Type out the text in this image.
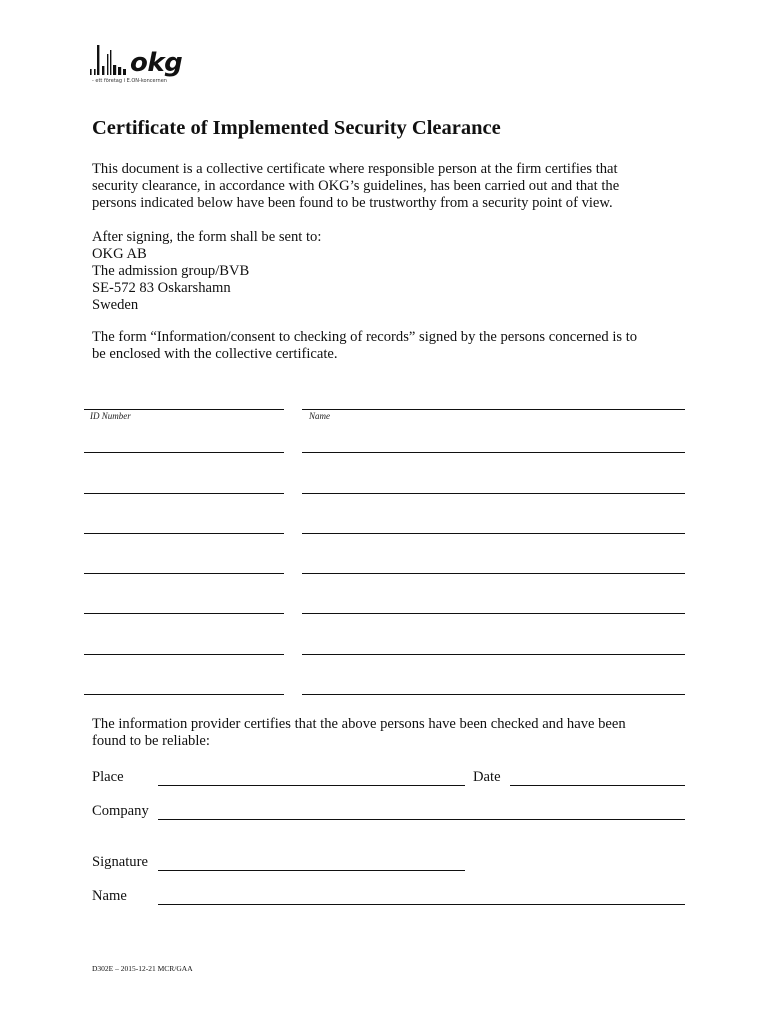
okg
- ett företag i E.ON-koncernen
Certificate of Implemented Security Clearance
This document is a collective certificate where responsible person at the firm certifies that
security clearance, in accordance with OKG’s guidelines, has been carried out and that the
persons indicated below have been found to be trustworthy from a security point of view.
After signing, the form shall be sent to:
OKG AB
The admission group/BVB
SE-572 83 Oskarshamn
Sweden
The form “Information/consent to checking of records” signed by the persons concerned is to
be enclosed with the collective certificate.
ID Number	Name
The information provider certifies that the above persons have been checked and have been
found to be reliable:
Place	Date
Company
Signature
Name
D302E – 2015-12-21 MCR/GAA
